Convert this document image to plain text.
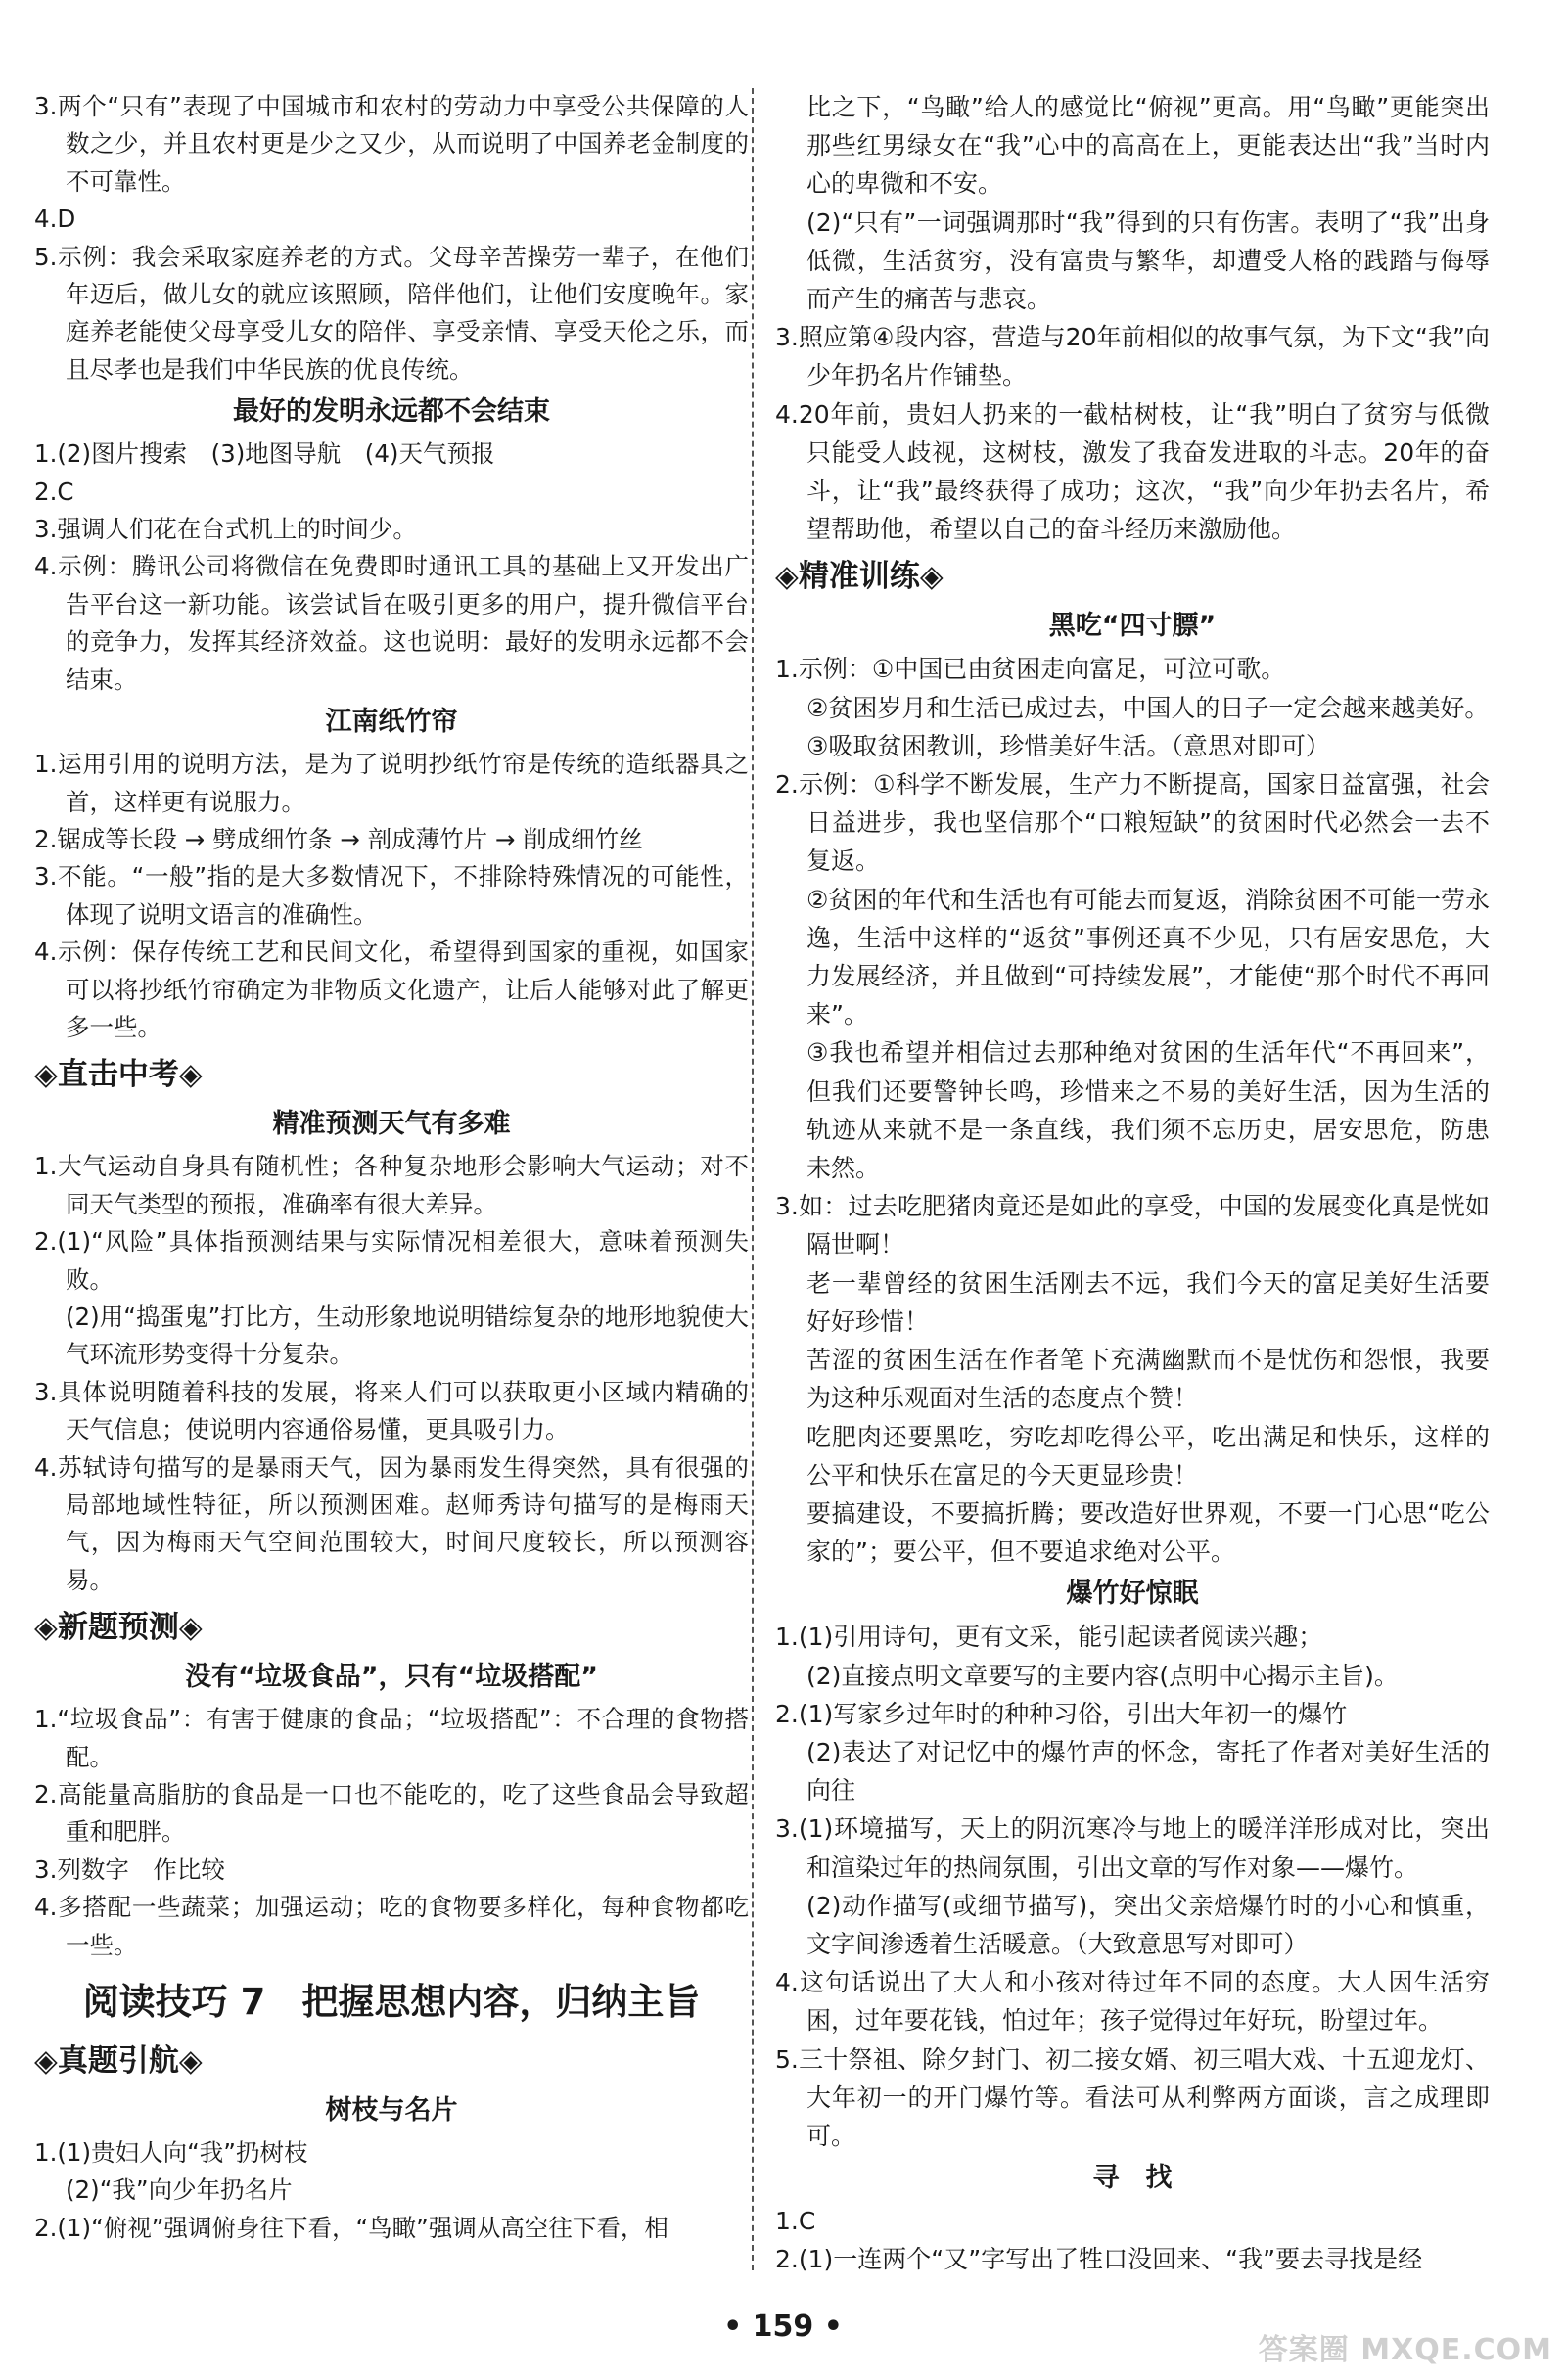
3.两个“只有”表现了中国城市和农村的劳动力中享受公共保障的人数之少，并且农村更是少之又少，从而说明了中国养老金制度的不可靠性。

4.D

5.示例：我会采取家庭养老的方式。父母辛苦操劳一辈子，在他们年迈后，做儿女的就应该照顾，陪伴他们，让他们安度晚年。家庭养老能使父母享受儿女的陪伴、享受亲情、享受天伦之乐，而且尽孝也是我们中华民族的优良传统。

最好的发明永远都不会结束

1.(2)图片搜索　(3)地图导航　(4)天气预报

2.C

3.强调人们花在台式机上的时间少。

4.示例：腾讯公司将微信在免费即时通讯工具的基础上又开发出广告平台这一新功能。该尝试旨在吸引更多的用户，提升微信平台的竞争力，发挥其经济效益。这也说明：最好的发明永远都不会结束。

江南纸竹帘

1.运用引用的说明方法，是为了说明抄纸竹帘是传统的造纸器具之首，这样更有说服力。

2.锯成等长段 → 劈成细竹条 → 剖成薄竹片 → 削成细竹丝

3.不能。“一般”指的是大多数情况下，不排除特殊情况的可能性，体现了说明文语言的准确性。

4.示例：保存传统工艺和民间文化，希望得到国家的重视，如国家可以将抄纸竹帘确定为非物质文化遗产，让后人能够对此了解更多一些。

◈直击中考◈
精准预测天气有多难

1.大气运动自身具有随机性；各种复杂地形会影响大气运动；对不同天气类型的预报，准确率有很大差异。

2.(1)“风险”具体指预测结果与实际情况相差很大，意味着预测失败。

(2)用“捣蛋鬼”打比方，生动形象地说明错综复杂的地形地貌使大气环流形势变得十分复杂。

3.具体说明随着科技的发展，将来人们可以获取更小区域内精确的天气信息；使说明内容通俗易懂，更具吸引力。

4.苏轼诗句描写的是暴雨天气，因为暴雨发生得突然，具有很强的局部地域性特征，所以预测困难。赵师秀诗句描写的是梅雨天气，因为梅雨天气空间范围较大，时间尺度较长，所以预测容易。

◈新题预测◈
没有“垃圾食品”，只有“垃圾搭配”

1.“垃圾食品”：有害于健康的食品；“垃圾搭配”：不合理的食物搭配。

2.高能量高脂肪的食品是一口也不能吃的，吃了这些食品会导致超重和肥胖。

3.列数字　作比较

4.多搭配一些蔬菜；加强运动；吃的食物要多样化，每种食物都吃一些。

阅读技巧 7　把握思想内容，归纳主旨
◈真题引航◈
树枝与名片

1.(1)贵妇人向“我”扔树枝

(2)“我”向少年扔名片

2.(1)“俯视”强调俯身往下看，“鸟瞰”强调从高空往下看，相

比之下，“鸟瞰”给人的感觉比“俯视”更高。用“鸟瞰”更能突出那些红男绿女在“我”心中的高高在上，更能表达出“我”当时内心的卑微和不安。

(2)“只有”一词强调那时“我”得到的只有伤害。表明了“我”出身低微，生活贫穷，没有富贵与繁华，却遭受人格的践踏与侮辱而产生的痛苦与悲哀。

3.照应第④段内容，营造与20年前相似的故事气氛，为下文“我”向少年扔名片作铺垫。

4.20年前，贵妇人扔来的一截枯树枝，让“我”明白了贫穷与低微只能受人歧视，这树枝，激发了我奋发进取的斗志。20年的奋斗，让“我”最终获得了成功；这次，“我”向少年扔去名片，希望帮助他，希望以自己的奋斗经历来激励他。

◈精准训练◈
黑吃“四寸膘”

1.示例：①中国已由贫困走向富足，可泣可歌。

②贫困岁月和生活已成过去，中国人的日子一定会越来越美好。

③吸取贫困教训，珍惜美好生活。（意思对即可）

2.示例：①科学不断发展，生产力不断提高，国家日益富强，社会日益进步，我也坚信那个“口粮短缺”的贫困时代必然会一去不复返。

②贫困的年代和生活也有可能去而复返，消除贫困不可能一劳永逸，生活中这样的“返贫”事例还真不少见，只有居安思危，大力发展经济，并且做到“可持续发展”，才能使“那个时代不再回来”。

③我也希望并相信过去那种绝对贫困的生活年代“不再回来”，但我们还要警钟长鸣，珍惜来之不易的美好生活，因为生活的轨迹从来就不是一条直线，我们须不忘历史，居安思危，防患未然。

3.如：过去吃肥猪肉竟还是如此的享受，中国的发展变化真是恍如隔世啊！

老一辈曾经的贫困生活刚去不远，我们今天的富足美好生活要好好珍惜！

苦涩的贫困生活在作者笔下充满幽默而不是忧伤和怨恨，我要为这种乐观面对生活的态度点个赞！

吃肥肉还要黑吃，穷吃却吃得公平，吃出满足和快乐，这样的公平和快乐在富足的今天更显珍贵！

要搞建设，不要搞折腾；要改造好世界观，不要一门心思“吃公家的”；要公平，但不要追求绝对公平。

爆竹好惊眠

1.(1)引用诗句，更有文采，能引起读者阅读兴趣；

(2)直接点明文章要写的主要内容(点明中心揭示主旨)。

2.(1)写家乡过年时的种种习俗，引出大年初一的爆竹

(2)表达了对记忆中的爆竹声的怀念，寄托了作者对美好生活的向往

3.(1)环境描写，天上的阴沉寒冷与地上的暖洋洋形成对比，突出和渲染过年的热闹氛围，引出文章的写作对象——爆竹。

(2)动作描写(或细节描写)，突出父亲焙爆竹时的小心和慎重，文字间渗透着生活暖意。（大致意思写对即可）

4.这句话说出了大人和小孩对待过年不同的态度。大人因生活穷困，过年要花钱，怕过年；孩子觉得过年好玩，盼望过年。

5.三十祭祖、除夕封门、初二接女婿、初三唱大戏、十五迎龙灯、大年初一的开门爆竹等。看法可从利弊两方面谈，言之成理即可。

寻　找

1.C

2.(1)一连两个“又”字写出了牲口没回来、“我”要去寻找是经

• 159 •
答案圈 MXQE.COM
